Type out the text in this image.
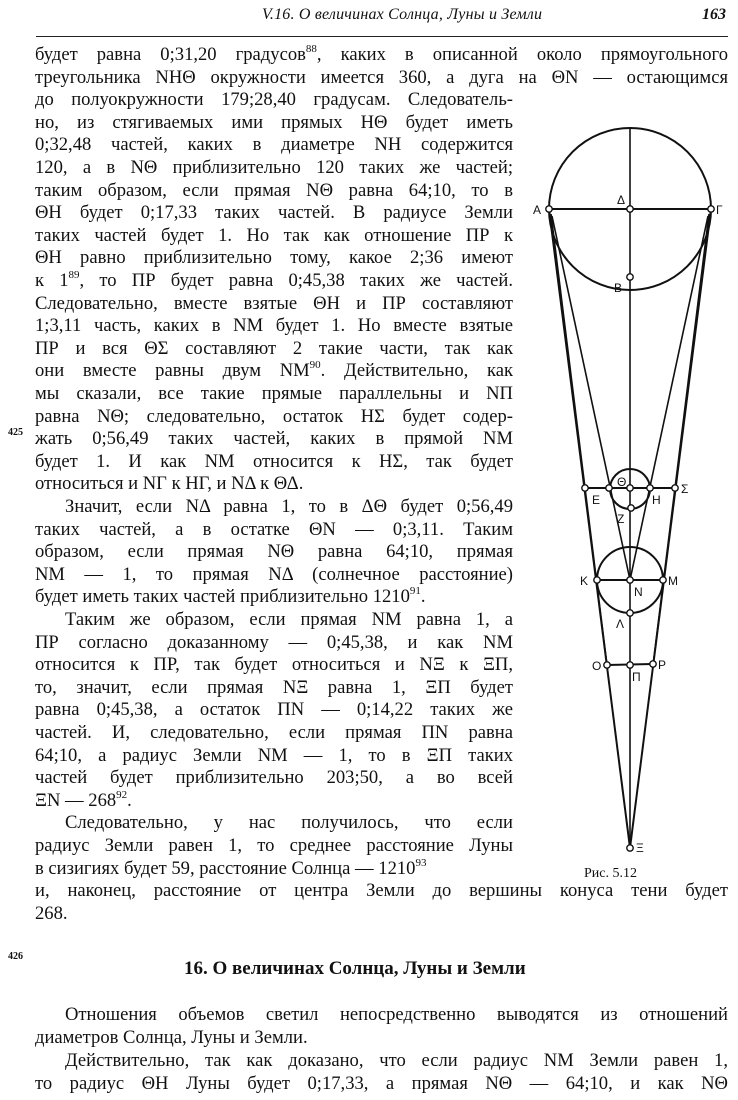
V.16. О величинах Солнца, Луны и Земли	163
будет равна 0;31,20 градусов$^{88}$, каких в описанной около прямоугольного
треугольника NHΘ окружности имеется 360, а дуга на ΘN — остающимся
до полуокружности 179;28,40 градусам. Следователь-
но, из стягиваемых ими прямых HΘ будет иметь
0;32,48 частей, каких в диаметре NH содержится
120, а в NΘ приблизительно 120 таких же частей;
таким образом, если прямая NΘ равна 64;10, то в
ΘH будет 0;17,33 таких частей. В радиусе Земли
таких частей будет 1. Но так как отношение ΠΡ к
ΘH равно приблизительно тому, какое 2;36 имеют
к $1^{89}$, то ΠΡ будет равна 0;45,38 таких же частей.
Следовательно, вместе взятые ΘH и ΠΡ составляют
1;3,11 часть, каких в NM будет 1. Но вместе взятые
ΠΡ и вся ΘΣ составляют 2 такие части, так как
они вместе равны двум NM$^{90}$. Действительно, как
мы сказали, все такие прямые параллельны и NΠ
равна NΘ; следовательно, остаток HΣ будет содер-
жать 0;56,49 таких частей, каких в прямой NM
будет 1. И как NM относится к HΣ, так будет
относиться и NΓ к HΓ, и NΔ к ΘΔ.
Значит, если NΔ равна 1, то в ΔΘ будет 0;56,49
таких частей, а в остатке ΘN — 0;3,11. Таким
образом, если прямая NΘ равна 64;10, прямая
NM — 1, то прямая NΔ (солнечное расстояние)
будет иметь таких частей приблизительно 1210$^{91}$.
Таким же образом, если прямая NM равна 1, а
ΠΡ согласно доказанному — 0;45,38, и как NM
относится к ΠΡ, так будет относиться и NΞ к ΞΠ,
то, значит, если прямая NΞ равна 1, ΞΠ будет
равна 0;45,38, а остаток ΠN — 0;14,22 таких же
частей. И, следовательно, если прямая ΠN равна
64;10, а радиус Земли NM — 1, то в ΞΠ таких
частей будет приблизительно 203;50, а во всей
ΞN — $268^{92}$.
Следовательно, у нас получилось, что если
радиус Земли равен 1, то среднее расстояние Луны
в сизигиях будет 59, расстояние Солнца — 1210$^{93}$
и, наконец, расстояние от центра Земли до вершины конуса тени будет
268.
Отношения объемов светил непосредственно выводятся из отношений
диаметров Солнца, Луны и Земли.
Действительно, так как доказано, что если радиус NM Земли равен 1,
то радиус ΘH Луны будет 0;17,33, а прямая NΘ — 64;10, и как NΘ
425
426
16. О величинах Солнца, Луны и Земли
A	Γ
Δ
B
Θ
E	H
Σ
Z
K	M
N
Λ
O	P
Π
Ξ
Рис. 5.12
